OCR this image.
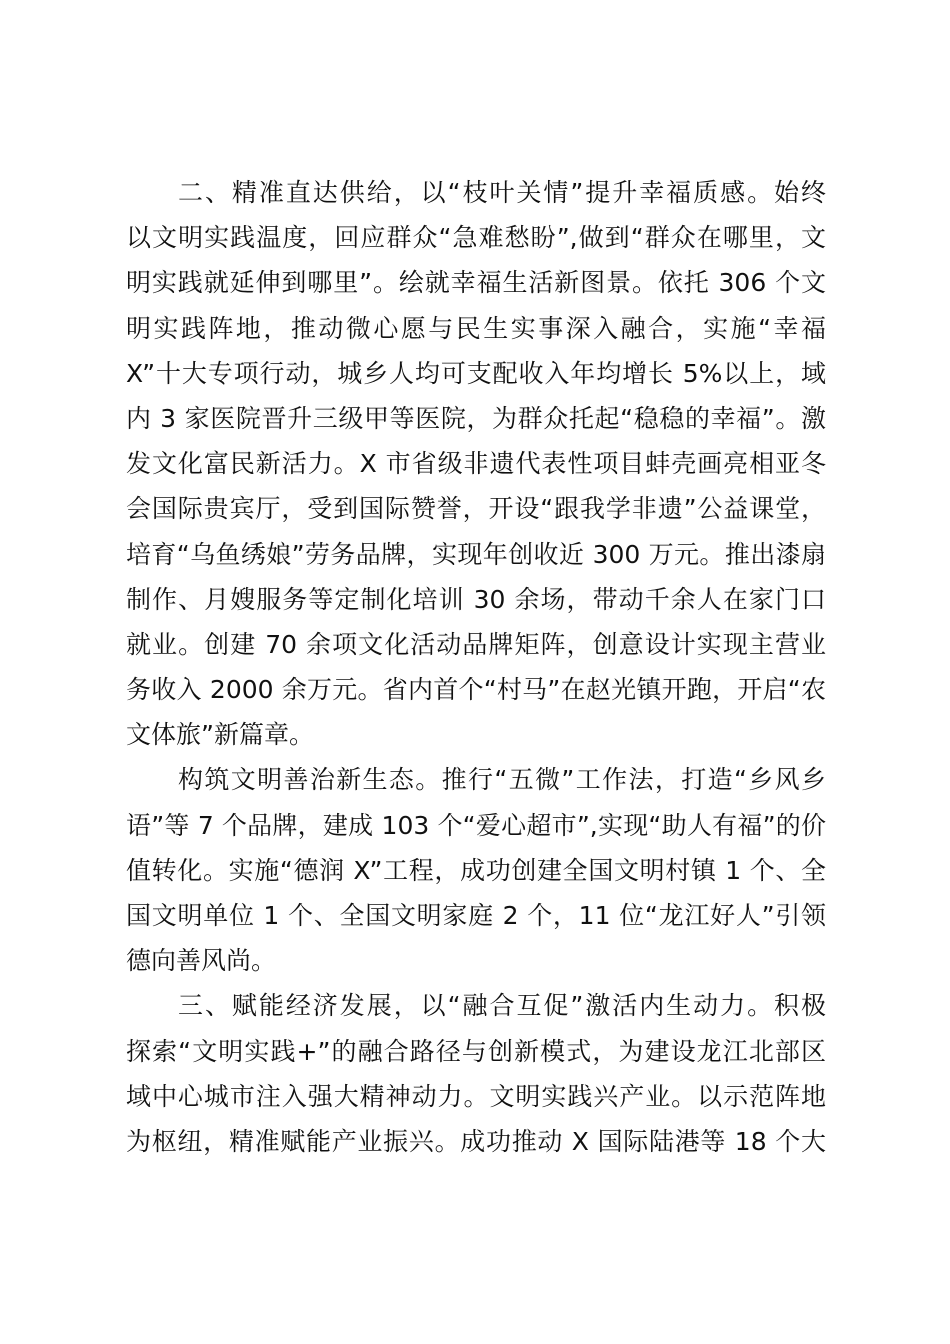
二、精准直达供给，以“枝叶关情”提升幸福质感。始终
以文明实践温度，回应群众“急难愁盼”,做到“群众在哪里，文
明实践就延伸到哪里”。绘就幸福生活新图景。依托 306 个文
明实践阵地，推动微心愿与民生实事深入融合，实施“幸福
X”十大专项行动，城乡人均可支配收入年均增长 5%以上，域
内 3 家医院晋升三级甲等医院，为群众托起“稳稳的幸福”。激
发文化富民新活力。X 市省级非遗代表性项目蚌壳画亮相亚冬
会国际贵宾厅，受到国际赞誉，开设“跟我学非遗”公益课堂，
培育“乌鱼绣娘”劳务品牌，实现年创收近 300 万元。推出漆扇
制作、月嫂服务等定制化培训 30 余场，带动千余人在家门口
就业。创建 70 余项文化活动品牌矩阵，创意设计实现主营业
务收入 2000 余万元。省内首个“村马”在赵光镇开跑，开启“农
文体旅”新篇章。
构筑文明善治新生态。推行“五微”工作法，打造“乡风乡
语”等 7 个品牌，建成 103 个“爱心超市”,实现“助人有福”的价
值转化。实施“德润 X”工程，成功创建全国文明村镇 1 个、全
国文明单位 1 个、全国文明家庭 2 个，11 位“龙江好人”引领
德向善风尚。
三、赋能经济发展，以“融合互促”激活内生动力。积极
探索“文明实践+”的融合路径与创新模式，为建设龙江北部区
域中心城市注入强大精神动力。文明实践兴产业。以示范阵地
为枢纽，精准赋能产业振兴。成功推动 X 国际陆港等 18 个大
